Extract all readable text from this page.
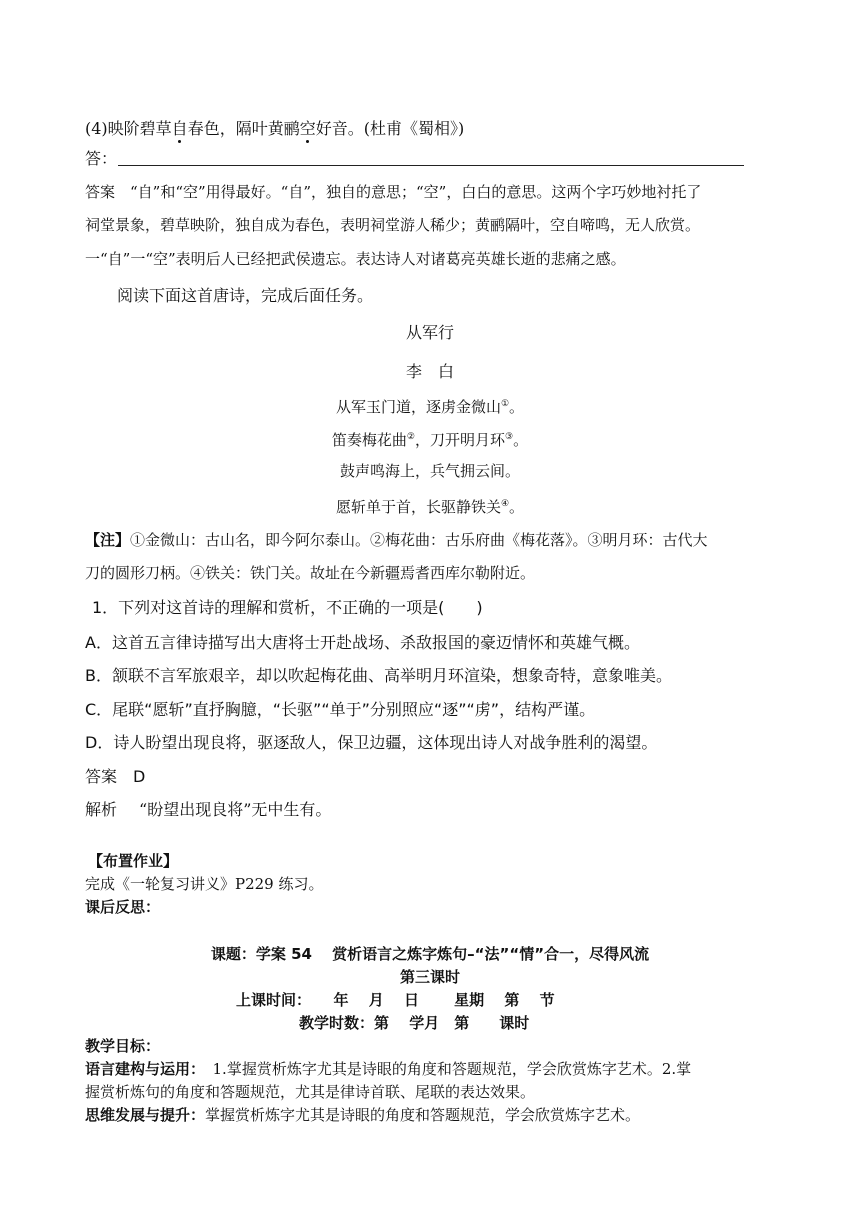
(4)映阶碧草自春色，隔叶黄鹂空好音。(杜甫《蜀相》)
答：
答案　“自”和“空”用得最好。“自”，独自的意思；“空”，白白的意思。这两个字巧妙地衬托了
祠堂景象，碧草映阶，独自成为春色，表明祠堂游人稀少；黄鹂隔叶，空自啼鸣，无人欣赏。
一“自”一“空”表明后人已经把武侯遗忘。表达诗人对诸葛亮英雄长逝的悲痛之感。
阅读下面这首唐诗，完成后面任务。
从军行
李　白
从军玉门道，逐虏金微山①。
笛奏梅花曲②，刀开明月环③。
鼓声鸣海上，兵气拥云间。
愿斩单于首，长驱静铁关④。
【注】①金微山：古山名，即今阿尔泰山。②梅花曲：古乐府曲《梅花落》。③明月环：古代大
刀的圆形刀柄。④铁关：铁门关。故址在今新疆焉耆西库尔勒附近。
1．下列对这首诗的理解和赏析，不正确的一项是(　　)
A．这首五言律诗描写出大唐将士开赴战场、杀敌报国的豪迈情怀和英雄气概。
B．颔联不言军旅艰辛，却以吹起梅花曲、高举明月环渲染，想象奇特，意象唯美。
C．尾联“愿斩”直抒胸臆，“长驱”“单于”分别照应“逐”“虏”，结构严谨。
D．诗人盼望出现良将，驱逐敌人，保卫边疆，这体现出诗人对战争胜利的渴望。
答案 D
解析 “盼望出现良将”无中生有。
【布置作业】
完成《一轮复习讲义》P229 练习。
课后反思：
课题：学案 54　 赏析语言之炼字炼句–“法”“情”合一，尽得风流
第三课时
上课时间：　　年　 月　 日　　 星期　 第　 节
教学时数：第　 学月　第　　课时
教学目标：
语言建构与运用：　1.掌握赏析炼字尤其是诗眼的角度和答题规范，学会欣赏炼字艺术。2.掌
握赏析炼句的角度和答题规范，尤其是律诗首联、尾联的表达效果。
思维发展与提升：掌握赏析炼字尤其是诗眼的角度和答题规范，学会欣赏炼字艺术。
